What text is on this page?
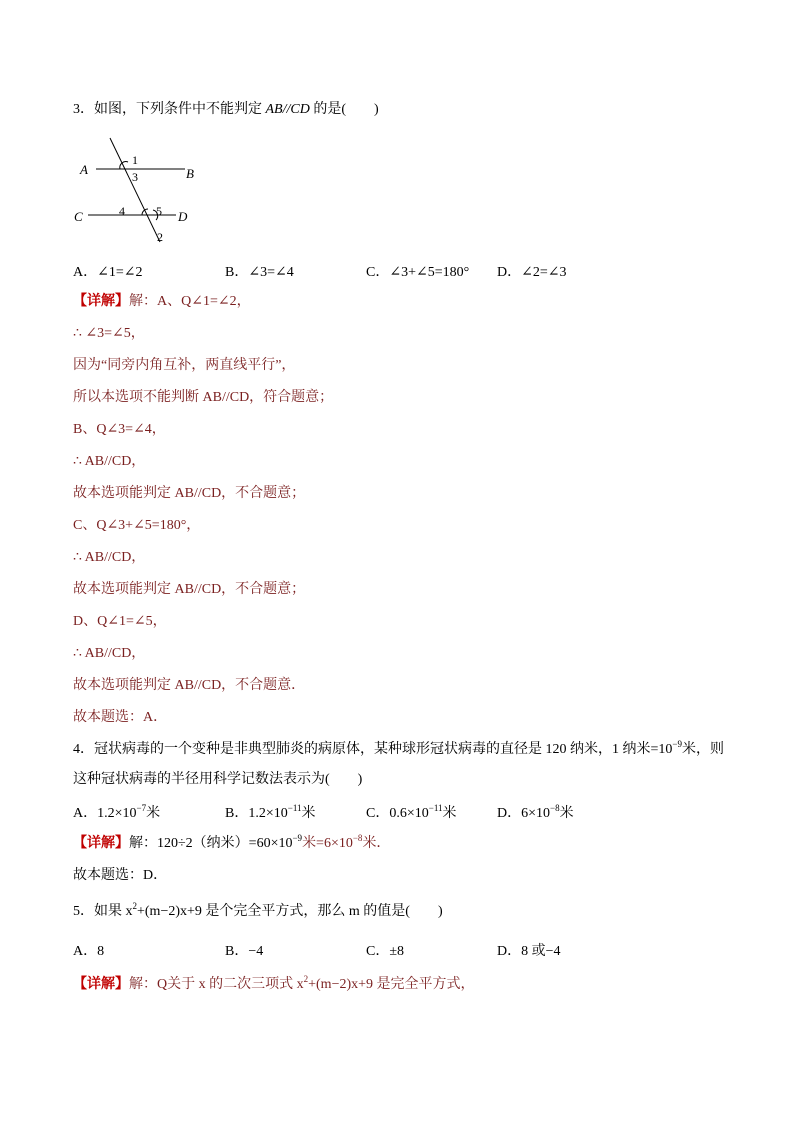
3．如图，下列条件中不能判定 AB//CD 的是(　　)
A	B
C	D
1
3
4	5
2
A．∠1=∠2	B．∠3=∠4	C．∠3+∠5=180° D．∠2=∠3
【详解】解：A、Q∠1=∠2，
∴ ∠3=∠5，
因为“同旁内角互补，两直线平行”，
所以本选项不能判断 AB//CD，符合题意；
B、Q∠3=∠4，
∴ AB//CD，
故本选项能判定 AB//CD，不合题意；
C、Q∠3+∠5=180°，
∴ AB//CD，
故本选项能判定 AB//CD，不合题意；
D、Q∠1=∠5，
∴ AB//CD，
故本选项能判定 AB//CD，不合题意．
故本题选：A．
4．冠状病毒的一个变种是非典型肺炎的病原体，某种球形冠状病毒的直径是 120 纳米，1 纳米$=10^{-9}$米，则
这种冠状病毒的半径用科学记数法表示为(　　)
A．$1.2\times 10^{-7}$米	B．$1.2\times 10^{-11}$米	C．$0.6\times 10^{-11}$米	D．$6\times 10^{-8}$米
【详解】解：120÷2（纳米）$=60\times 10^{-9}$米$=6\times 10^{-8}$米．
故本题选：D．
5．如果 $x^2+(m-2)x+9$ 是个完全平方式，那么 m 的值是(　　)
A．8	B．−4	C．±8	D．8 或−4
【详解】解：Q关于 x 的二次三项式 $x^2+(m-2)x+9$ 是完全平方式，
